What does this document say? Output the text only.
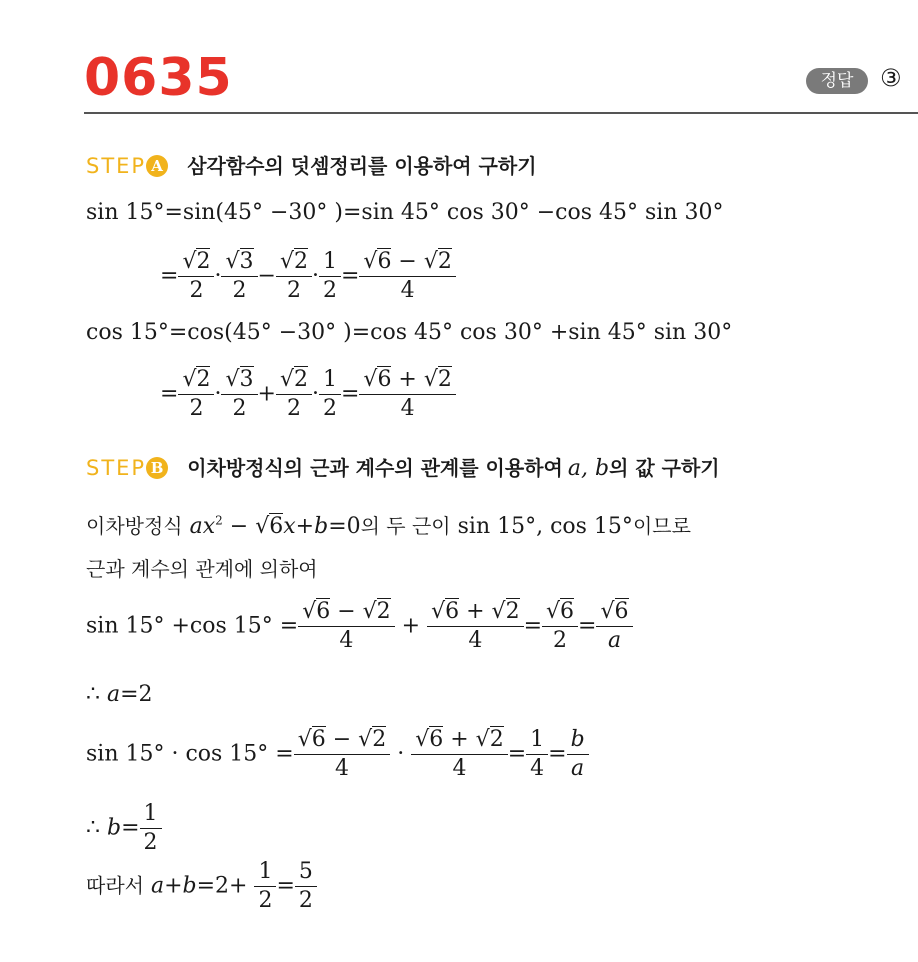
0635	정답	③
STEP A 삼각함수의 덧셈정리를 이용하여 구하기
sin 15°=sin(45° −30° )=sin 45° cos 30° −cos 45° sin 30°
= $\frac{√2}{2} \cdot \frac{√3}{2} - \frac{√2}{2} \cdot \frac{1}{2} = \frac{√6 - √2}{4}$
cos 15°=cos(45° −30° )=cos 45° cos 30° +sin 45° sin 30°
= $\frac{√2}{2} \cdot \frac{√3}{2} + \frac{√2}{2} \cdot \frac{1}{2} = \frac{√6 + √2}{4}$
STEP B 이차방정식의 근과 계수의 관계를 이용하여 a, b의 값 구하기
이차방정식 $ax^2 - √6x+b=0$의 두 근이 sin 15°, cos 15°이므로
근과 계수의 관계에 의하여
sin 15° +cos $15^\circ = \frac{√6 - √2}{4} + \frac{√6 + √2}{4} = \frac{√6}{2} = \frac{√6}{a}$
∴ a=2
$\sin 15^\circ \cdot \cos 15^\circ = \frac{√6 - √2}{4} \cdot \frac{√6 + √2}{4} = \frac{1}{4} = \frac{b}{a}$
∴ $b= \frac{1}{2}$
따라서 $a+b=2+ \frac{1}{2} = \frac{5}{2}$
